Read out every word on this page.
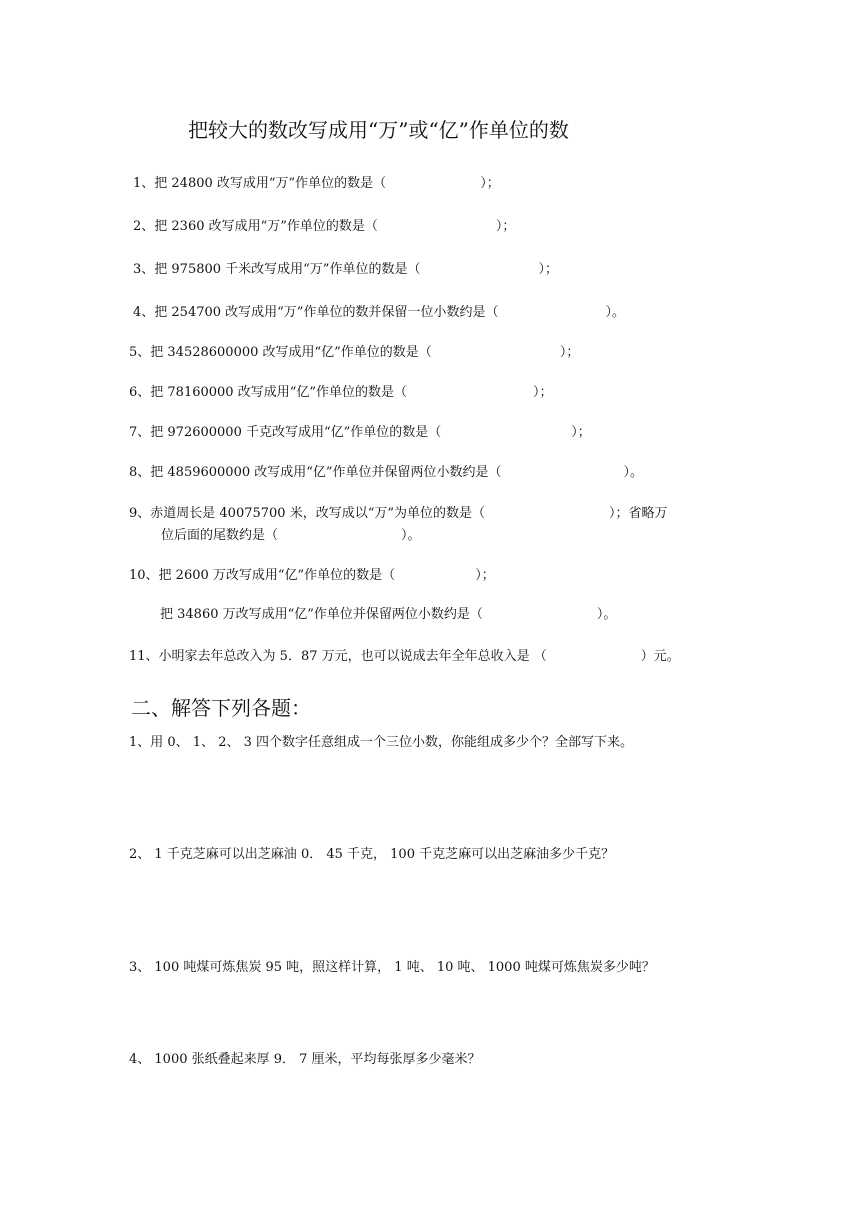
把较大的数改写成用“万”或“亿”作单位的数
1、把 24800 改写成用“万”作单位的数是（	）；
2、把 2360 改写成用“万”作单位的数是（	）；
3、把 975800 千米改写成用“万”作单位的数是（	）；
4、把 254700 改写成用“万”作单位的数并保留一位小数约是（	）。
5、把 34528600000 改写成用“亿”作单位的数是（	）；
6、把 78160000 改写成用“亿”作单位的数是（	）；
7、把 972600000 千克改写成用“亿”作单位的数是（	）；
8、把 4859600000 改写成用“亿”作单位并保留两位小数约是（	）。
9、赤道周长是 40075700 米，改写成以“万”为单位的数是（	）；省略万
位后面的尾数约是（	）。
10、把 2600 万改写成用“亿”作单位的数是（	）；
把 34860 万改写成用“亿”作单位并保留两位小数约是（	）。
11、小明家去年总改入为 5．87 万元，也可以说成去年全年总收入是 （	）元。
二、解答下列各题：
1、用 0、 1、 2、 3 四个数字任意组成一个三位小数，你能组成多少个？全部写下来。
2、 1 千克芝麻可以出芝麻油 0． 45 千克， 100 千克芝麻可以出芝麻油多少千克？
3、 100 吨煤可炼焦炭 95 吨，照这样计算， 1 吨、 10 吨、 1000 吨煤可炼焦炭多少吨？
4、 1000 张纸叠起来厚 9． 7 厘米，平均每张厚多少毫米？
